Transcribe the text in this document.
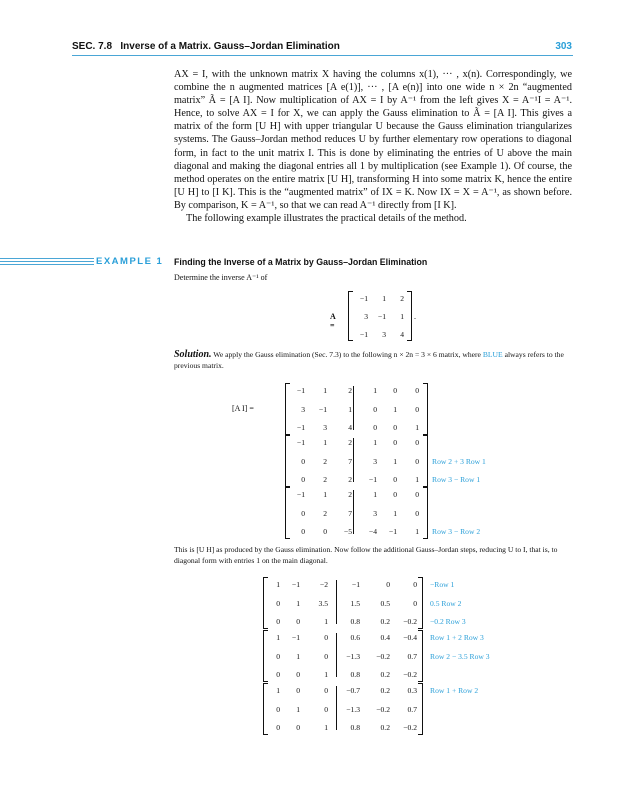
SEC. 7.8 Inverse of a Matrix. Gauss–Jordan Elimination	303

AX = I, with the unknown matrix X having the columns x(1), ··· , x(n). Correspondingly, we combine the n augmented matrices [A e(1)], ··· , [A e(n)] into one wide n × 2n “augmented matrix” Ã = [A I]. Now multiplication of AX = I by A⁻¹ from the left gives X = A⁻¹I = A⁻¹. Hence, to solve AX = I for X, we can apply the Gauss elimination to Ã = [A I]. This gives a matrix of the form [U H] with upper triangular U because the Gauss elimination triangularizes systems. The Gauss–Jordan method reduces U by further elementary row operations to diagonal form, in fact to the unit matrix I. This is done by eliminating the entries of U above the main diagonal and making the diagonal entries all 1 by multiplication (see Example 1). Of course, the method operates on the entire matrix [U H], transforming H into some matrix K, hence the entire [U H] to [I K]. This is the “augmented matrix” of IX = K. Now IX = X = A⁻¹, as shown before. By comparison, K = A⁻¹, so that we can read A⁻¹ directly from [I K].

The following example illustrates the practical details of the method.

EXAMPLE 1 Finding the Inverse of a Matrix by Gauss–Jordan Elimination
Determine the inverse A⁻¹ of
A =
.
−1	1	2
3	−1	1
−1	3	4
Solution. We apply the Gauss elimination (Sec. 7.3) to the following n × 2n = 3 × 6 matrix, where BLUE always refers to the previous matrix.
[A I] =
−1	1	2	1	0	0
3	−1	1	0	1	0
−1	3	4	0	0	1
−1	1	2	1	0	0
0	2	7	3	1	0 Row 2 + 3 Row 1
0	2	2	−1	0	1 Row 3 − Row 1
−1	1	2	1	0	0
0	2	7	3	1	0
0	0	−5	−4	−1	1 Row 3 − Row 2
This is [U H] as produced by the Gauss elimination. Now follow the additional Gauss–Jordan steps, reducing U to I, that is, to diagonal form with entries 1 on the main diagonal.
1	−1	−2	−1	0	0 −Row 1
0	1	3.5	1.5	0.5	0 0.5 Row 2
0	0	1	0.8	0.2	−0.2 −0.2 Row 3
1	−1	0	0.6	0.4	−0.4 Row 1 + 2 Row 3
0	1	0	−1.3	−0.2	0.7 Row 2 − 3.5 Row 3
0	0	1	0.8	0.2	−0.2
1	0	0	−0.7	0.2	0.3 Row 1 + Row 2
0	1	0	−1.3	−0.2	0.7
0	0	1	0.8	0.2	−0.2
